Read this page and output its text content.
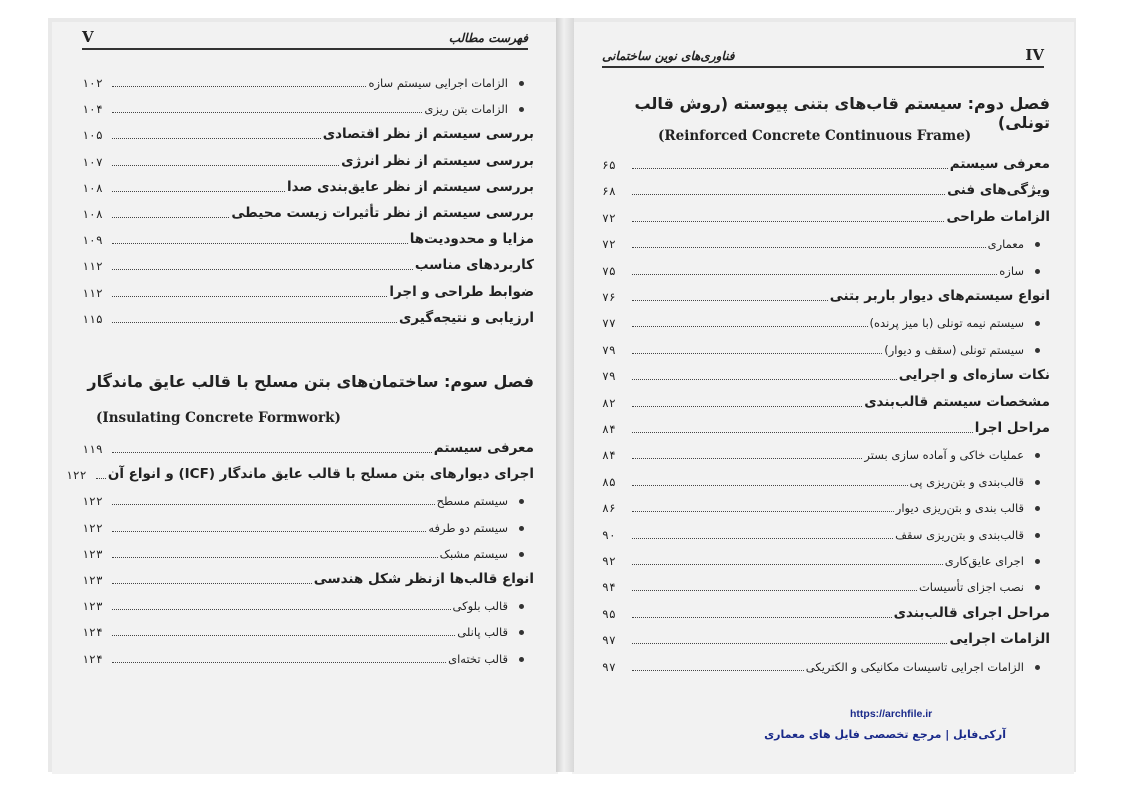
V	فهرست مطالب
الزامات اجرایی سیستم سازه
۱۰۲
الزامات بتن ریزی
۱۰۴
بررسی سیستم از نظر اقتصادی
۱۰۵
بررسی سیستم از نظر انرژی
۱۰۷
بررسی سیستم از نظر عایق‌بندی صدا
۱۰۸
بررسی سیستم از نظر تأثیرات زیست محیطی
۱۰۸
مزایا و محدودیت‌ها
۱۰۹
کاربردهای مناسب
۱۱۲
ضوابط طراحی و اجرا
۱۱۲
ارزیابی و نتیجه‌گیری
۱۱۵
فصل سوم: ساختمان‌های بتن مسلح با قالب عایق ماندگار
(Insulating Concrete Formwork)
معرفی سیستم
۱۱۹
اجرای دیوارهای بتن مسلح با قالب عایق ماندگار (ICF) و انواع آن
۱۲۲
سیستم مسطح
۱۲۲
سیستم دو طرفه
۱۲۲
سیستم مشبک
۱۲۳
انواع قالب‌ها ازنظر شکل هندسی
۱۲۳
قالب بلوکی
۱۲۳
قالب پانلی
۱۲۴
قالب تخته‌ای
۱۲۴
فناوری‌های نوین ساختمانی	IV
فصل دوم: سیستم قاب‌های بتنی پیوسته (روش قالب تونلی)
(Reinforced Concrete Continuous Frame)
معرفی سیستم
۶۵
ویژگی‌های فنی
۶۸
الزامات طراحی
۷۲
معماری
۷۲
سازه
۷۵
انواع سیستم‌های دیوار باربر بتنی
۷۶
سیستم نیمه تونلی (با میز پرنده)
۷۷
سیستم تونلی (سقف و دیوار)
۷۹
نکات سازه‌ای و اجرایی
۷۹
مشخصات سیستم قالب‌بندی
۸۲
مراحل اجرا
۸۴
عملیات خاکی و آماده سازی بستر
۸۴
قالب‌بندی و بتن‌ریزی پی
۸۵
قالب بندی و بتن‌ریزی دیوار
۸۶
قالب‌بندی و بتن‌ریزی سقف
۹۰
اجرای عایق‌کاری
۹۲
نصب اجزای تأسیسات
۹۴
مراحل اجرای قالب‌بندی
۹۵
الزامات اجرایی
۹۷
الزامات اجرایی تاسیسات مکانیکی و الکتریکی
۹۷
https://archfile.ir
آرکی‌فایل | مرجع تخصصی فایل های معماری
